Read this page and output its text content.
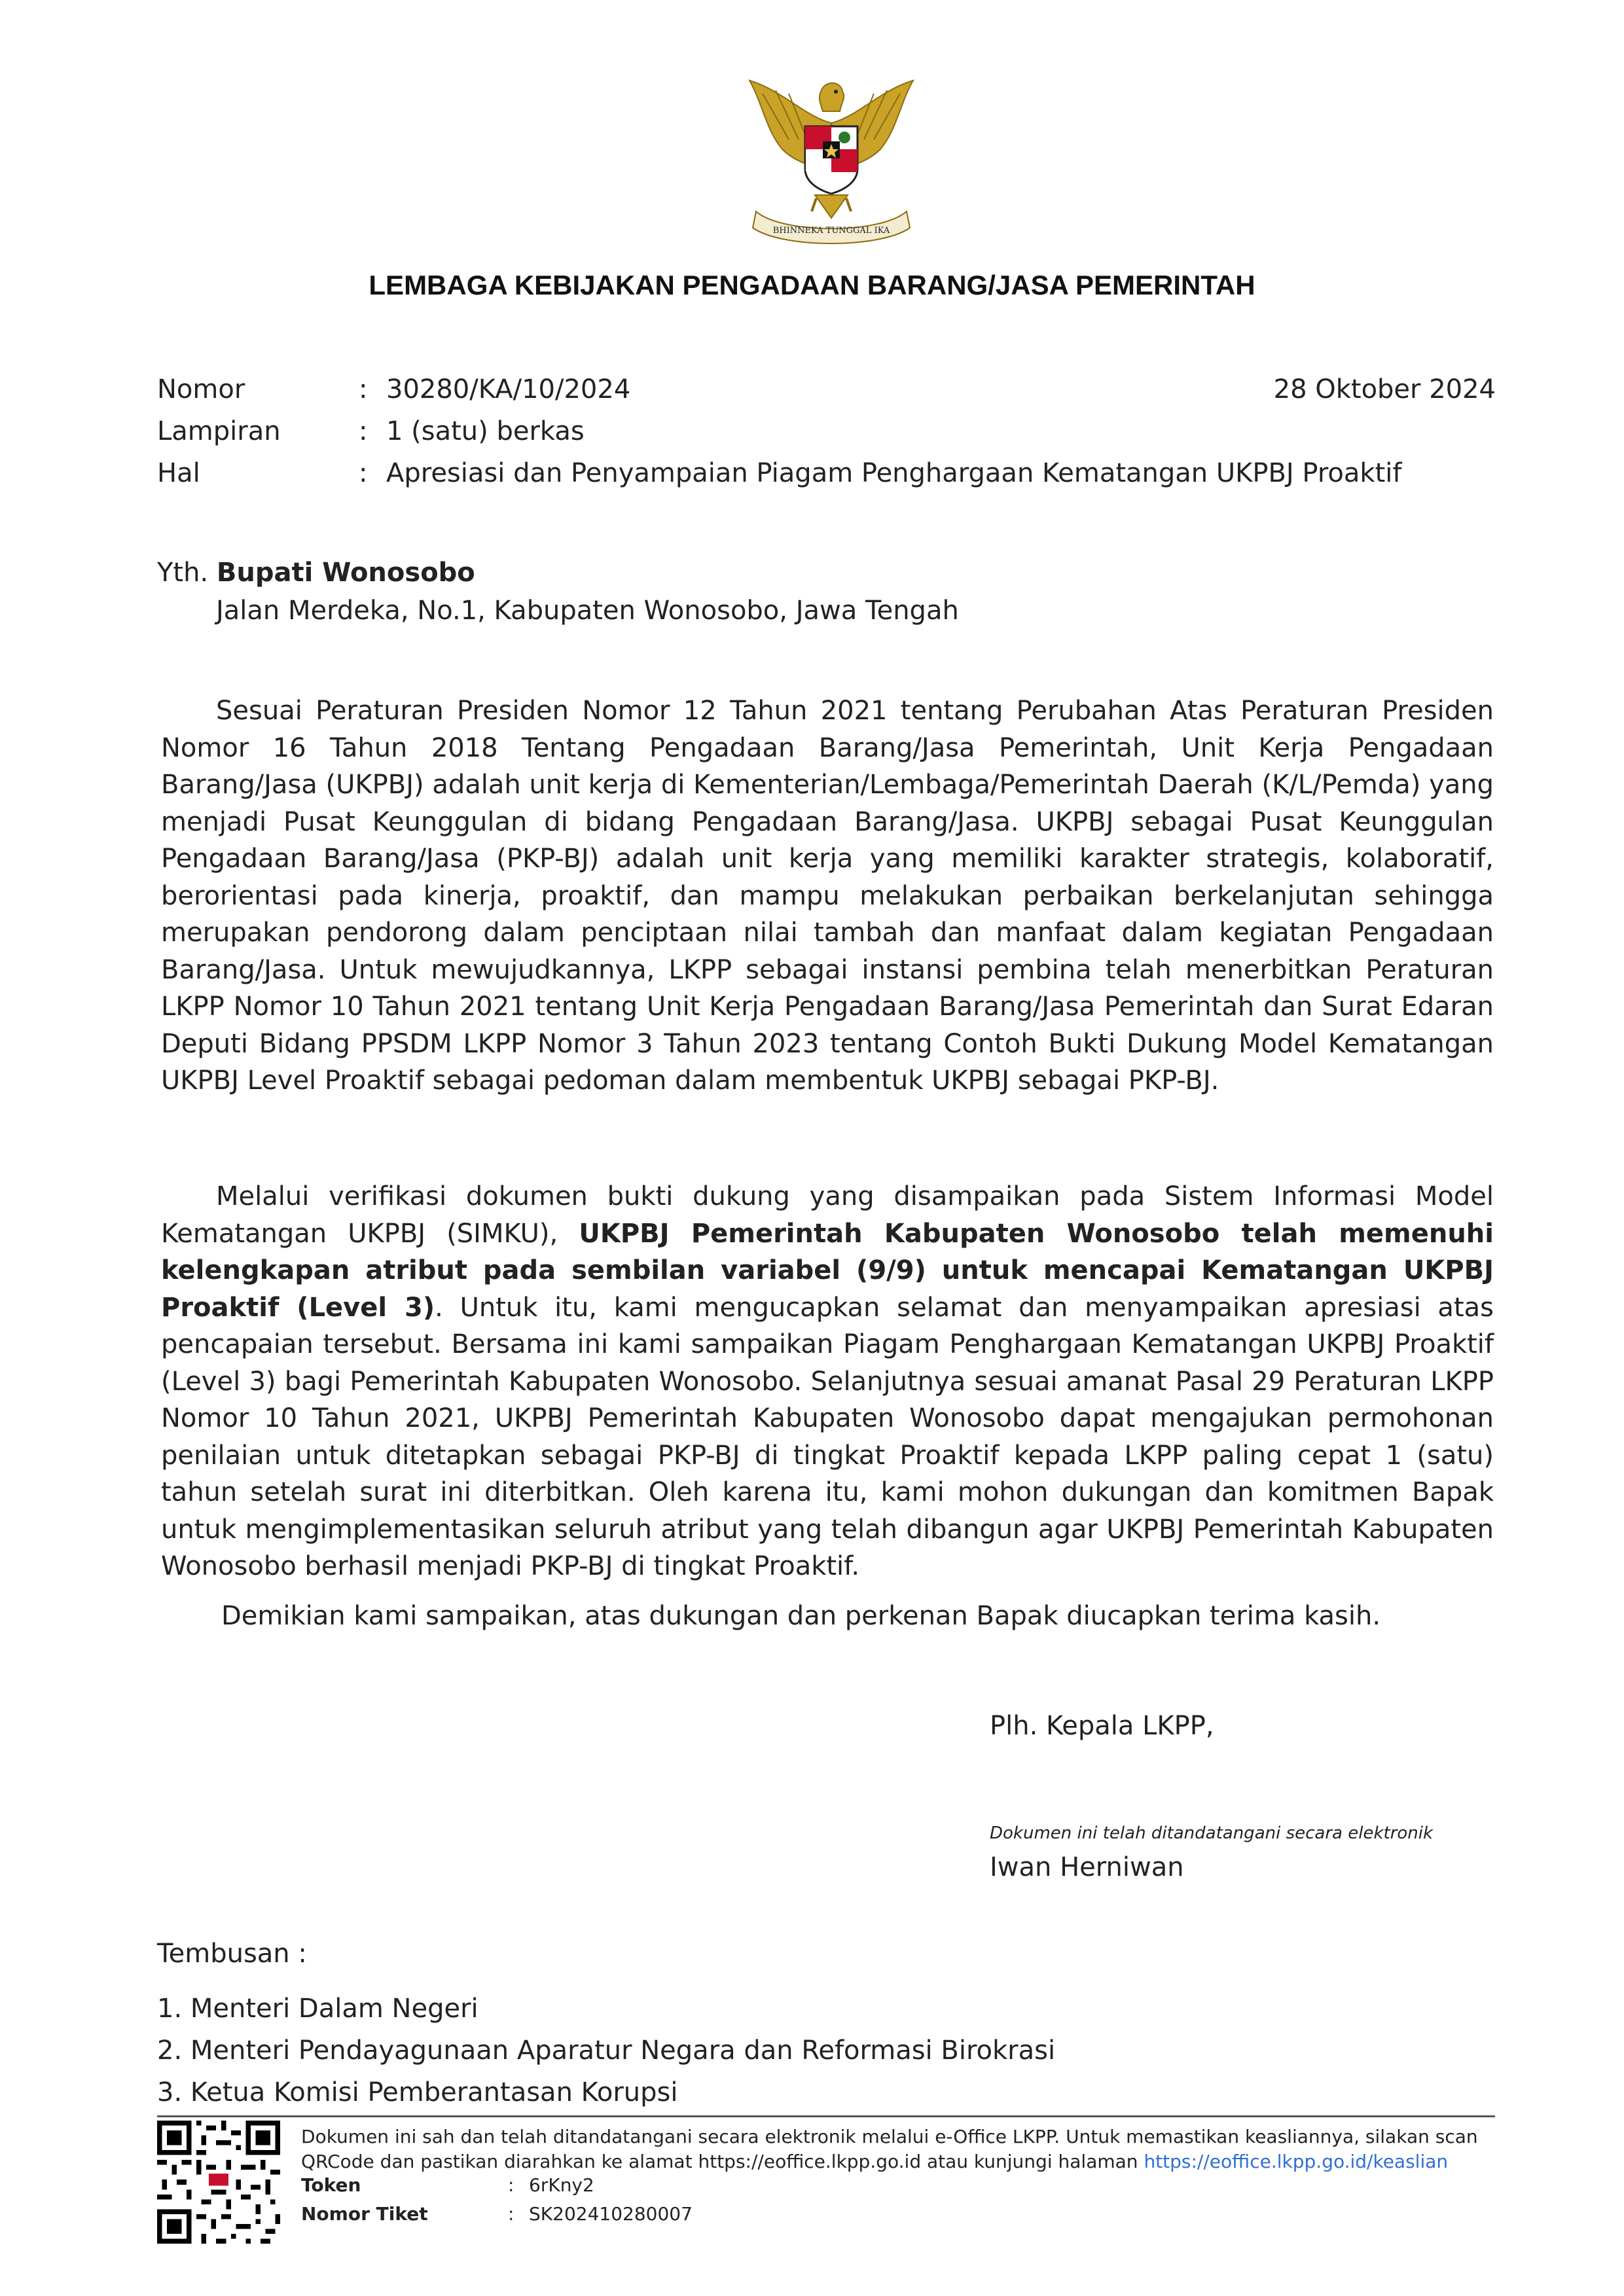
BHINNEKA TUNGGAL IKA
LEMBAGA KEBIJAKAN PENGADAAN BARANG/JASA PEMERINTAH
Nomor	: 30280/KA/10/2024	28 Oktober 2024
Lampiran	: 1 (satu) berkas
Hal	: Apresiasi dan Penyampaian Piagam Penghargaan Kematangan UKPBJ Proaktif
Yth. Bupati Wonosobo
Jalan Merdeka, No.1, Kabupaten Wonosobo, Jawa Tengah
Sesuai Peraturan Presiden Nomor 12 Tahun 2021 tentang Perubahan Atas Peraturan Presiden Nomor 16 Tahun 2018 Tentang Pengadaan Barang/Jasa Pemerintah, Unit Kerja Pengadaan Barang/Jasa (UKPBJ) adalah unit kerja di Kementerian/Lembaga/Pemerintah Daerah (K/L/Pemda) yang menjadi Pusat Keunggulan di bidang Pengadaan Barang/Jasa. UKPBJ sebagai Pusat Keunggulan Pengadaan Barang/Jasa (PKP-BJ) adalah unit kerja yang memiliki karakter strategis, kolaboratif, berorientasi pada kinerja, proaktif, dan mampu melakukan perbaikan berkelanjutan sehingga merupakan pendorong dalam penciptaan nilai tambah dan manfaat dalam kegiatan Pengadaan Barang/Jasa. Untuk mewujudkannya, LKPP sebagai instansi pembina telah menerbitkan Peraturan LKPP Nomor 10 Tahun 2021 tentang Unit Kerja Pengadaan Barang/Jasa Pemerintah dan Surat Edaran Deputi Bidang PPSDM LKPP Nomor 3 Tahun 2023 tentang Contoh Bukti Dukung Model Kematangan UKPBJ Level Proaktif sebagai pedoman dalam membentuk UKPBJ sebagai PKP-BJ.
Melalui verifikasi dokumen bukti dukung yang disampaikan pada Sistem Informasi Model Kematangan UKPBJ (SIMKU), UKPBJ Pemerintah Kabupaten Wonosobo telah memenuhi kelengkapan atribut pada sembilan variabel (9/9) untuk mencapai Kematangan UKPBJ Proaktif (Level 3). Untuk itu, kami mengucapkan selamat dan menyampaikan apresiasi atas pencapaian tersebut. Bersama ini kami sampaikan Piagam Penghargaan Kematangan UKPBJ Proaktif (Level 3) bagi Pemerintah Kabupaten Wonosobo. Selanjutnya sesuai amanat Pasal 29 Peraturan LKPP Nomor 10 Tahun 2021, UKPBJ Pemerintah Kabupaten Wonosobo dapat mengajukan permohonan penilaian untuk ditetapkan sebagai PKP-BJ di tingkat Proaktif kepada LKPP paling cepat 1 (satu) tahun setelah surat ini diterbitkan. Oleh karena itu, kami mohon dukungan dan komitmen Bapak untuk mengimplementasikan seluruh atribut yang telah dibangun agar UKPBJ Pemerintah Kabupaten Wonosobo berhasil menjadi PKP-BJ di tingkat Proaktif.
Demikian kami sampaikan, atas dukungan dan perkenan Bapak diucapkan terima kasih.
Plh. Kepala LKPP,
Dokumen ini telah ditandatangani secara elektronik
Iwan Herniwan
Tembusan :
1. Menteri Dalam Negeri
2. Menteri Pendayagunaan Aparatur Negara dan Reformasi Birokrasi
3. Ketua Komisi Pemberantasan Korupsi
Dokumen ini sah dan telah ditandatangani secara elektronik melalui e-Office LKPP. Untuk memastikan keasliannya, silakan scan QRCode dan pastikan diarahkan ke alamat https://eoffice.lkpp.go.id atau kunjungi halaman https://eoffice.lkpp.go.id/keaslian
Token	: 6rKny2
Nomor Tiket	: SK202410280007
